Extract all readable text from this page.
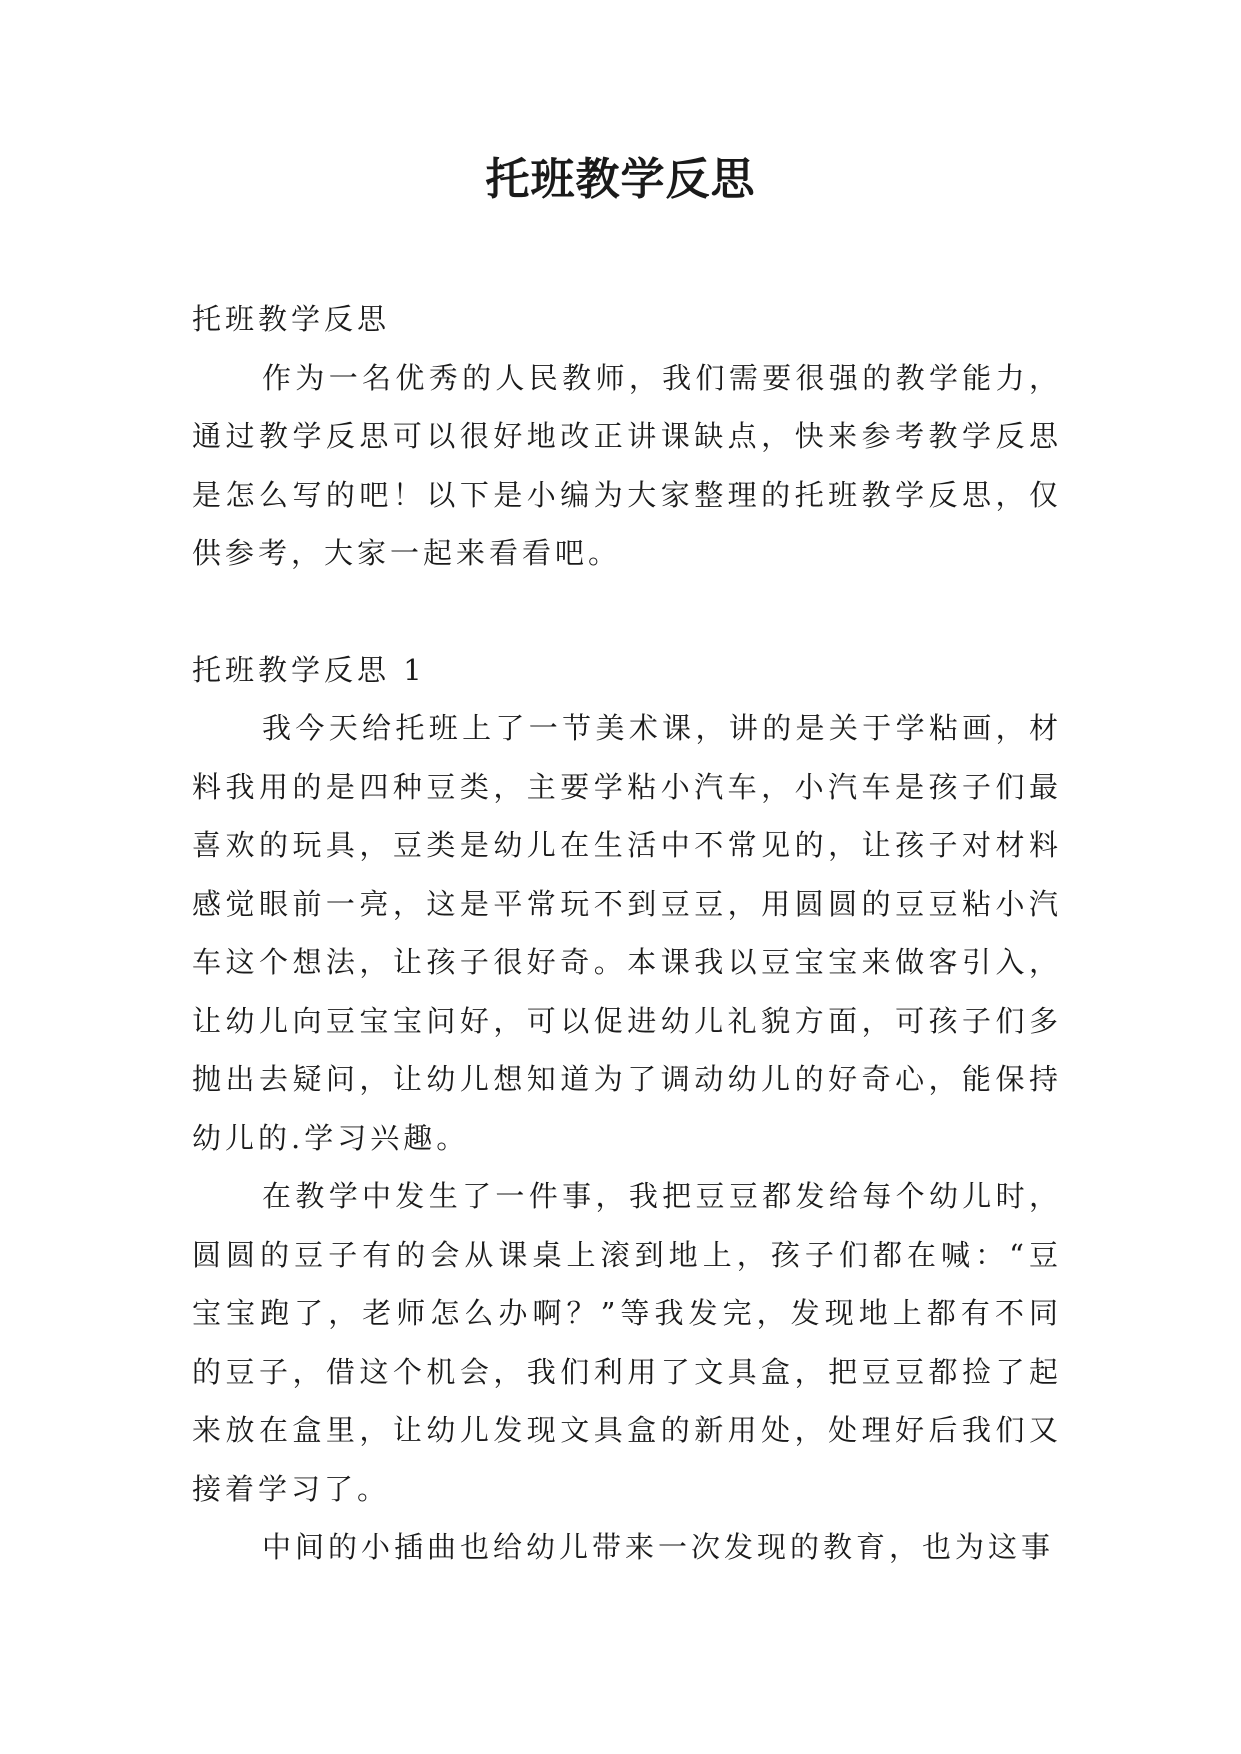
托班教学反思

托班教学反思

作为一名优秀的人民教师，我们需要很强的教学能力，通过教学反思可以很好地改正讲课缺点，快来参考教学反思是怎么写的吧！以下是小编为大家整理的托班教学反思，仅供参考，大家一起来看看吧。

托班教学反思 1

我今天给托班上了一节美术课，讲的是关于学粘画，材料我用的是四种豆类，主要学粘小汽车，小汽车是孩子们最喜欢的玩具，豆类是幼儿在生活中不常见的，让孩子对材料感觉眼前一亮，这是平常玩不到豆豆，用圆圆的豆豆粘小汽车这个想法，让孩子很好奇。本课我以豆宝宝来做客引入，让幼儿向豆宝宝问好，可以促进幼儿礼貌方面，可孩子们多抛出去疑问，让幼儿想知道为了调动幼儿的好奇心，能保持幼儿的.学习兴趣。

在教学中发生了一件事，我把豆豆都发给每个幼儿时，圆圆的豆子有的会从课桌上滚到地上，孩子们都在喊：“豆宝宝跑了，老师怎么办啊？”等我发完，发现地上都有不同的豆子，借这个机会，我们利用了文具盒，把豆豆都捡了起来放在盒里，让幼儿发现文具盒的新用处，处理好后我们又接着学习了。

中间的小插曲也给幼儿带来一次发现的教育，也为这事
